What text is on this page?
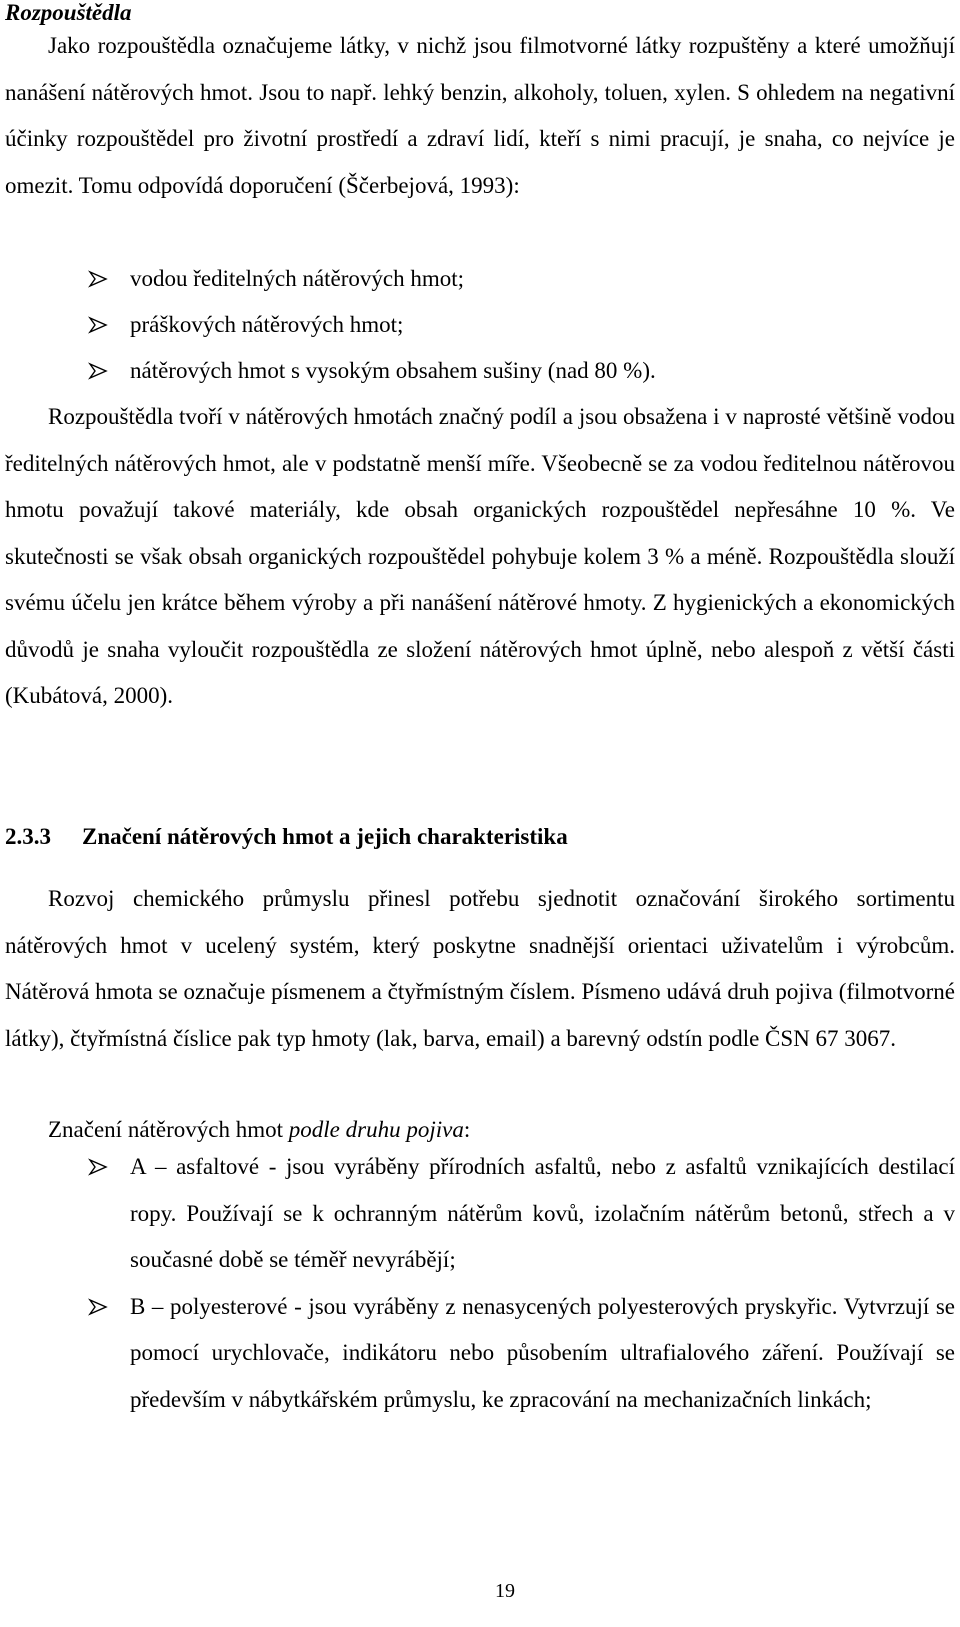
Rozpouštědla

Jako rozpouštědla označujeme látky, v nichž jsou filmotvorné látky rozpuštěny a které umožňují nanášení nátěrových hmot. Jsou to např. lehký benzin, alkoholy, toluen, xylen. S ohledem na negativní účinky rozpouštědel pro životní prostředí a zdraví lidí, kteří s nimi pracují, je snaha, co nejvíce je omezit. Tomu odpovídá doporučení (Ščerbejová, 1993):

vodou ředitelných nátěrových hmot;
práškových nátěrových hmot;
nátěrových hmot s vysokým obsahem sušiny (nad 80 %).

Rozpouštědla tvoří v nátěrových hmotách značný podíl a jsou obsažena i v naprosté většině vodou ředitelných nátěrových hmot, ale v podstatně menší míře. Všeobecně se za vodou ředitelnou nátěrovou hmotu považují takové materiály, kde obsah organických rozpouštědel nepřesáhne 10 %. Ve skutečnosti se však obsah organických rozpouštědel pohybuje kolem 3 % a méně. Rozpouštědla slouží svému účelu jen krátce během výroby a při nanášení nátěrové hmoty. Z hygienických a ekonomických důvodů je snaha vyloučit rozpouštědla ze složení nátěrových hmot úplně, nebo alespoň z větší části (Kubátová, 2000).

2.3.3 Značení nátěrových hmot a jejich charakteristika

Rozvoj chemického průmyslu přinesl potřebu sjednotit označování širokého sortimentu nátěrových hmot v ucelený systém, který poskytne snadnější orientaci uživatelům i výrobcům. Nátěrová hmota se označuje písmenem a čtyřmístným číslem. Písmeno udává druh pojiva (filmotvorné látky), čtyřmístná číslice pak typ hmoty (lak, barva, email) a barevný odstín podle ČSN 67 3067.

Značení nátěrových hmot podle druhu pojiva:

A – asfaltové - jsou vyráběny přírodních asfaltů, nebo z asfaltů vznikajících destilací ropy. Používají se k ochranným nátěrům kovů, izolačním nátěrům betonů, střech a v současné době se téměř nevyrábějí;
B – polyesterové - jsou vyráběny z nenasycených polyesterových pryskyřic. Vytvrzují se pomocí urychlovače, indikátoru nebo působením ultrafialového záření. Používají se především v nábytkářském průmyslu, ke zpracování na mechanizačních linkách;
19
